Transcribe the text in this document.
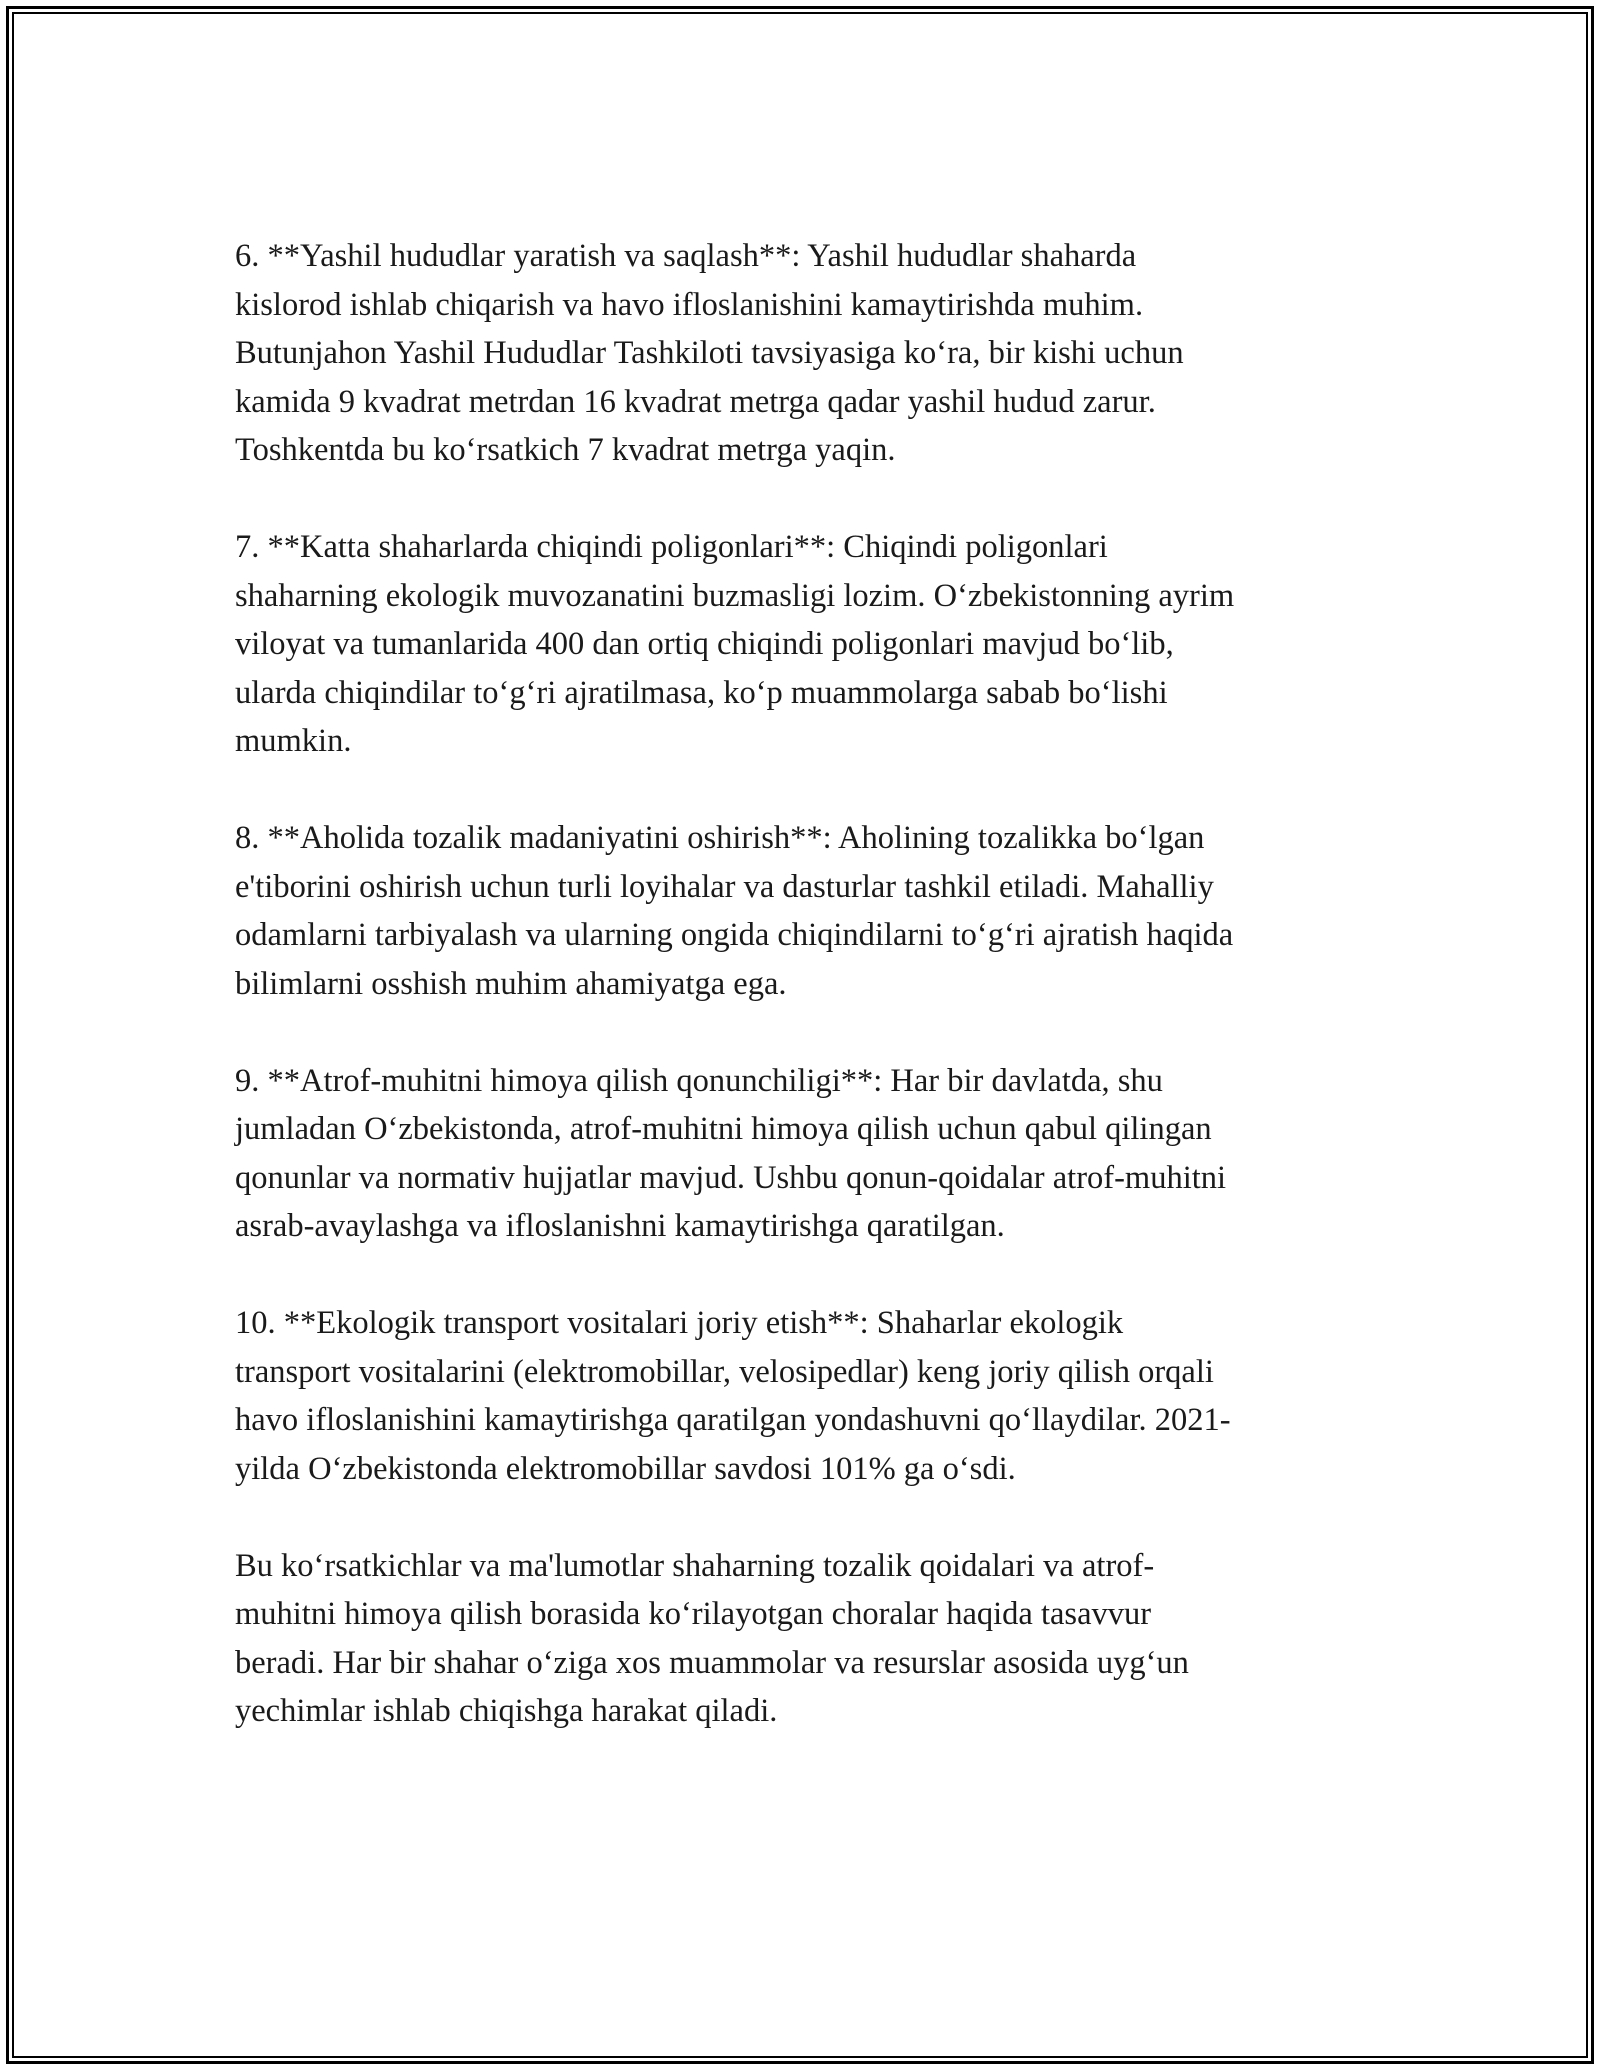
6. **Yashil hududlar yaratish va saqlash**: Yashil hududlar shaharda
kislorod ishlab chiqarish va havo ifloslanishini kamaytirishda muhim.
Butunjahon Yashil Hududlar Tashkiloti tavsiyasiga koʻra, bir kishi uchun
kamida 9 kvadrat metrdan 16 kvadrat metrga qadar yashil hudud zarur.
Toshkentda bu koʻrsatkich 7 kvadrat metrga yaqin.

7. **Katta shaharlarda chiqindi poligonlari**: Chiqindi poligonlari
shaharning ekologik muvozanatini buzmasligi lozim. Oʻzbekistonning ayrim
viloyat va tumanlarida 400 dan ortiq chiqindi poligonlari mavjud boʻlib,
ularda chiqindilar toʻgʻri ajratilmasa, koʻp muammolarga sabab boʻlishi
mumkin.

8. **Aholida tozalik madaniyatini oshirish**: Aholining tozalikka boʻlgan
e'tiborini oshirish uchun turli loyihalar va dasturlar tashkil etiladi. Mahalliy
odamlarni tarbiyalash va ularning ongida chiqindilarni toʻgʻri ajratish haqida
bilimlarni osshish muhim ahamiyatga ega.

9. **Atrof-muhitni himoya qilish qonunchiligi**: Har bir davlatda, shu
jumladan Oʻzbekistonda, atrof-muhitni himoya qilish uchun qabul qilingan
qonunlar va normativ hujjatlar mavjud. Ushbu qonun-qoidalar atrof-muhitni
asrab-avaylashga va ifloslanishni kamaytirishga qaratilgan.

10. **Ekologik transport vositalari joriy etish**: Shaharlar ekologik
transport vositalarini (elektromobillar, velosipedlar) keng joriy qilish orqali
havo ifloslanishini kamaytirishga qaratilgan yondashuvni qoʻllaydilar. 2021-
yilda Oʻzbekistonda elektromobillar savdosi 101% ga oʻsdi.

Bu koʻrsatkichlar va ma'lumotlar shaharning tozalik qoidalari va atrof-
muhitni himoya qilish borasida koʻrilayotgan choralar haqida tasavvur
beradi. Har bir shahar oʻziga xos muammolar va resurslar asosida uygʻun
yechimlar ishlab chiqishga harakat qiladi.
